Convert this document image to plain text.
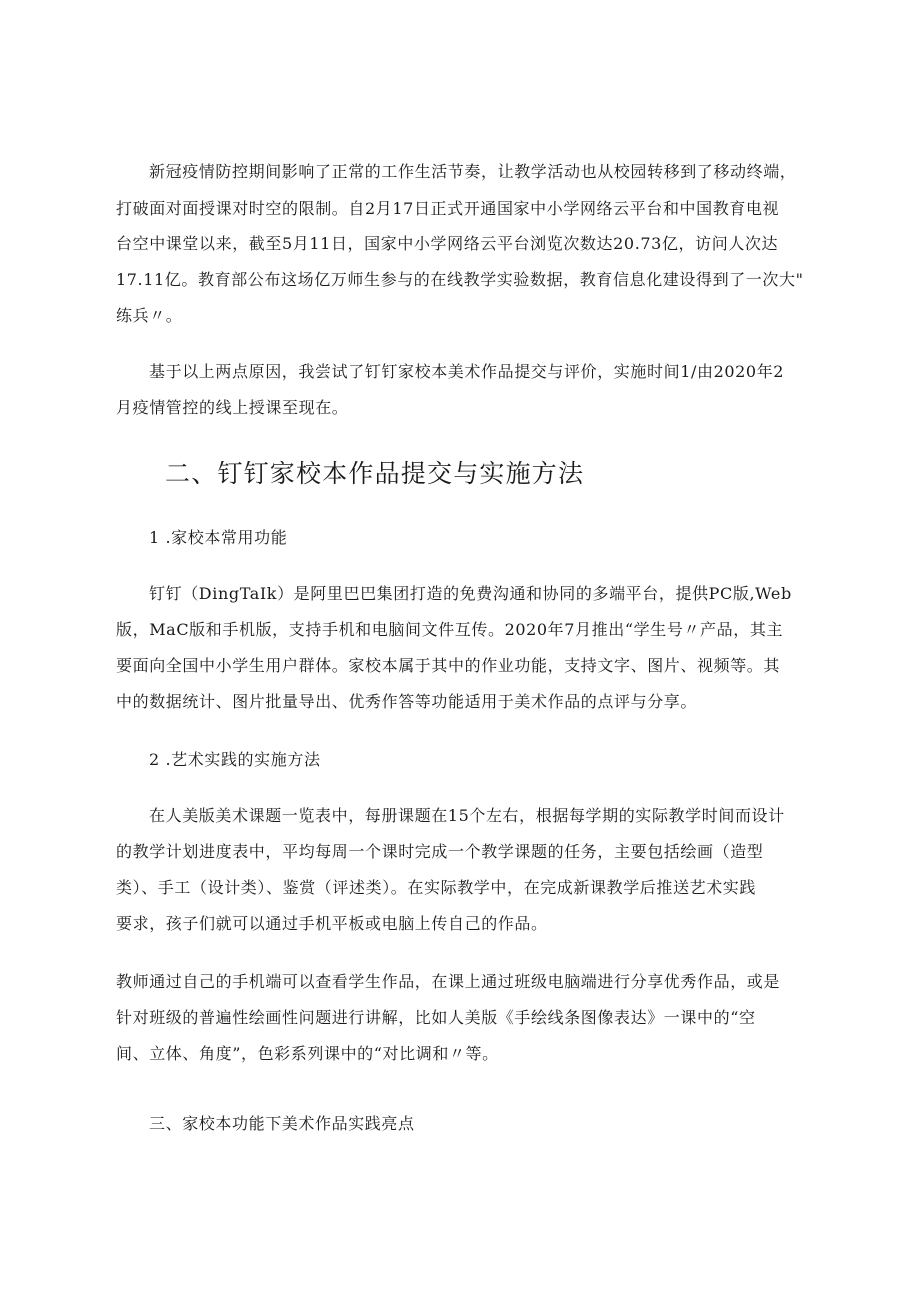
新冠疫情防控期间影响了正常的工作生活节奏，让教学活动也从校园转移到了移动终端，
打破面对面授课对时空的限制。自2月17日正式开通国家中小学网络云平台和中国教育电视
台空中课堂以来，截至5月11日，国家中小学网络云平台浏览次数达20.73亿，访问人次达
17.11亿。教育部公布这场亿万师生参与的在线教学实验数据，教育信息化建设得到了一次大"
练兵〃。
基于以上两点原因，我尝试了钉钉家校本美术作品提交与评价，实施时间1/由2020年2
月疫情管控的线上授课至现在。
二、钉钉家校本作品提交与实施方法
1 .家校本常用功能
钉钉（DingTaIk）是阿里巴巴集团打造的免费沟通和协同的多端平台，提供PC版,Web
版，MaC版和手机版，支持手机和电脑间文件互传。2020年7月推出“学生号〃产品，其主
要面向全国中小学生用户群体。家校本属于其中的作业功能，支持文字、图片、视频等。其
中的数据统计、图片批量导出、优秀作答等功能适用于美术作品的点评与分享。
2 .艺术实践的实施方法
在人美版美术课题一览表中，每册课题在15个左右，根据每学期的实际教学时间而设计
的教学计划进度表中，平均每周一个课时完成一个教学课题的任务，主要包括绘画（造型
类）、手工（设计类）、鉴赏（评述类）。在实际教学中，在完成新课教学后推送艺术实践
要求，孩子们就可以通过手机平板或电脑上传自己的作品。
教师通过自己的手机端可以查看学生作品，在课上通过班级电脑端进行分享优秀作品，或是
针对班级的普遍性绘画性问题进行讲解，比如人美版《手绘线条图像表达》一课中的“空
间、立体、角度”，色彩系列课中的“对比调和〃等。
三、家校本功能下美术作品实践亮点
